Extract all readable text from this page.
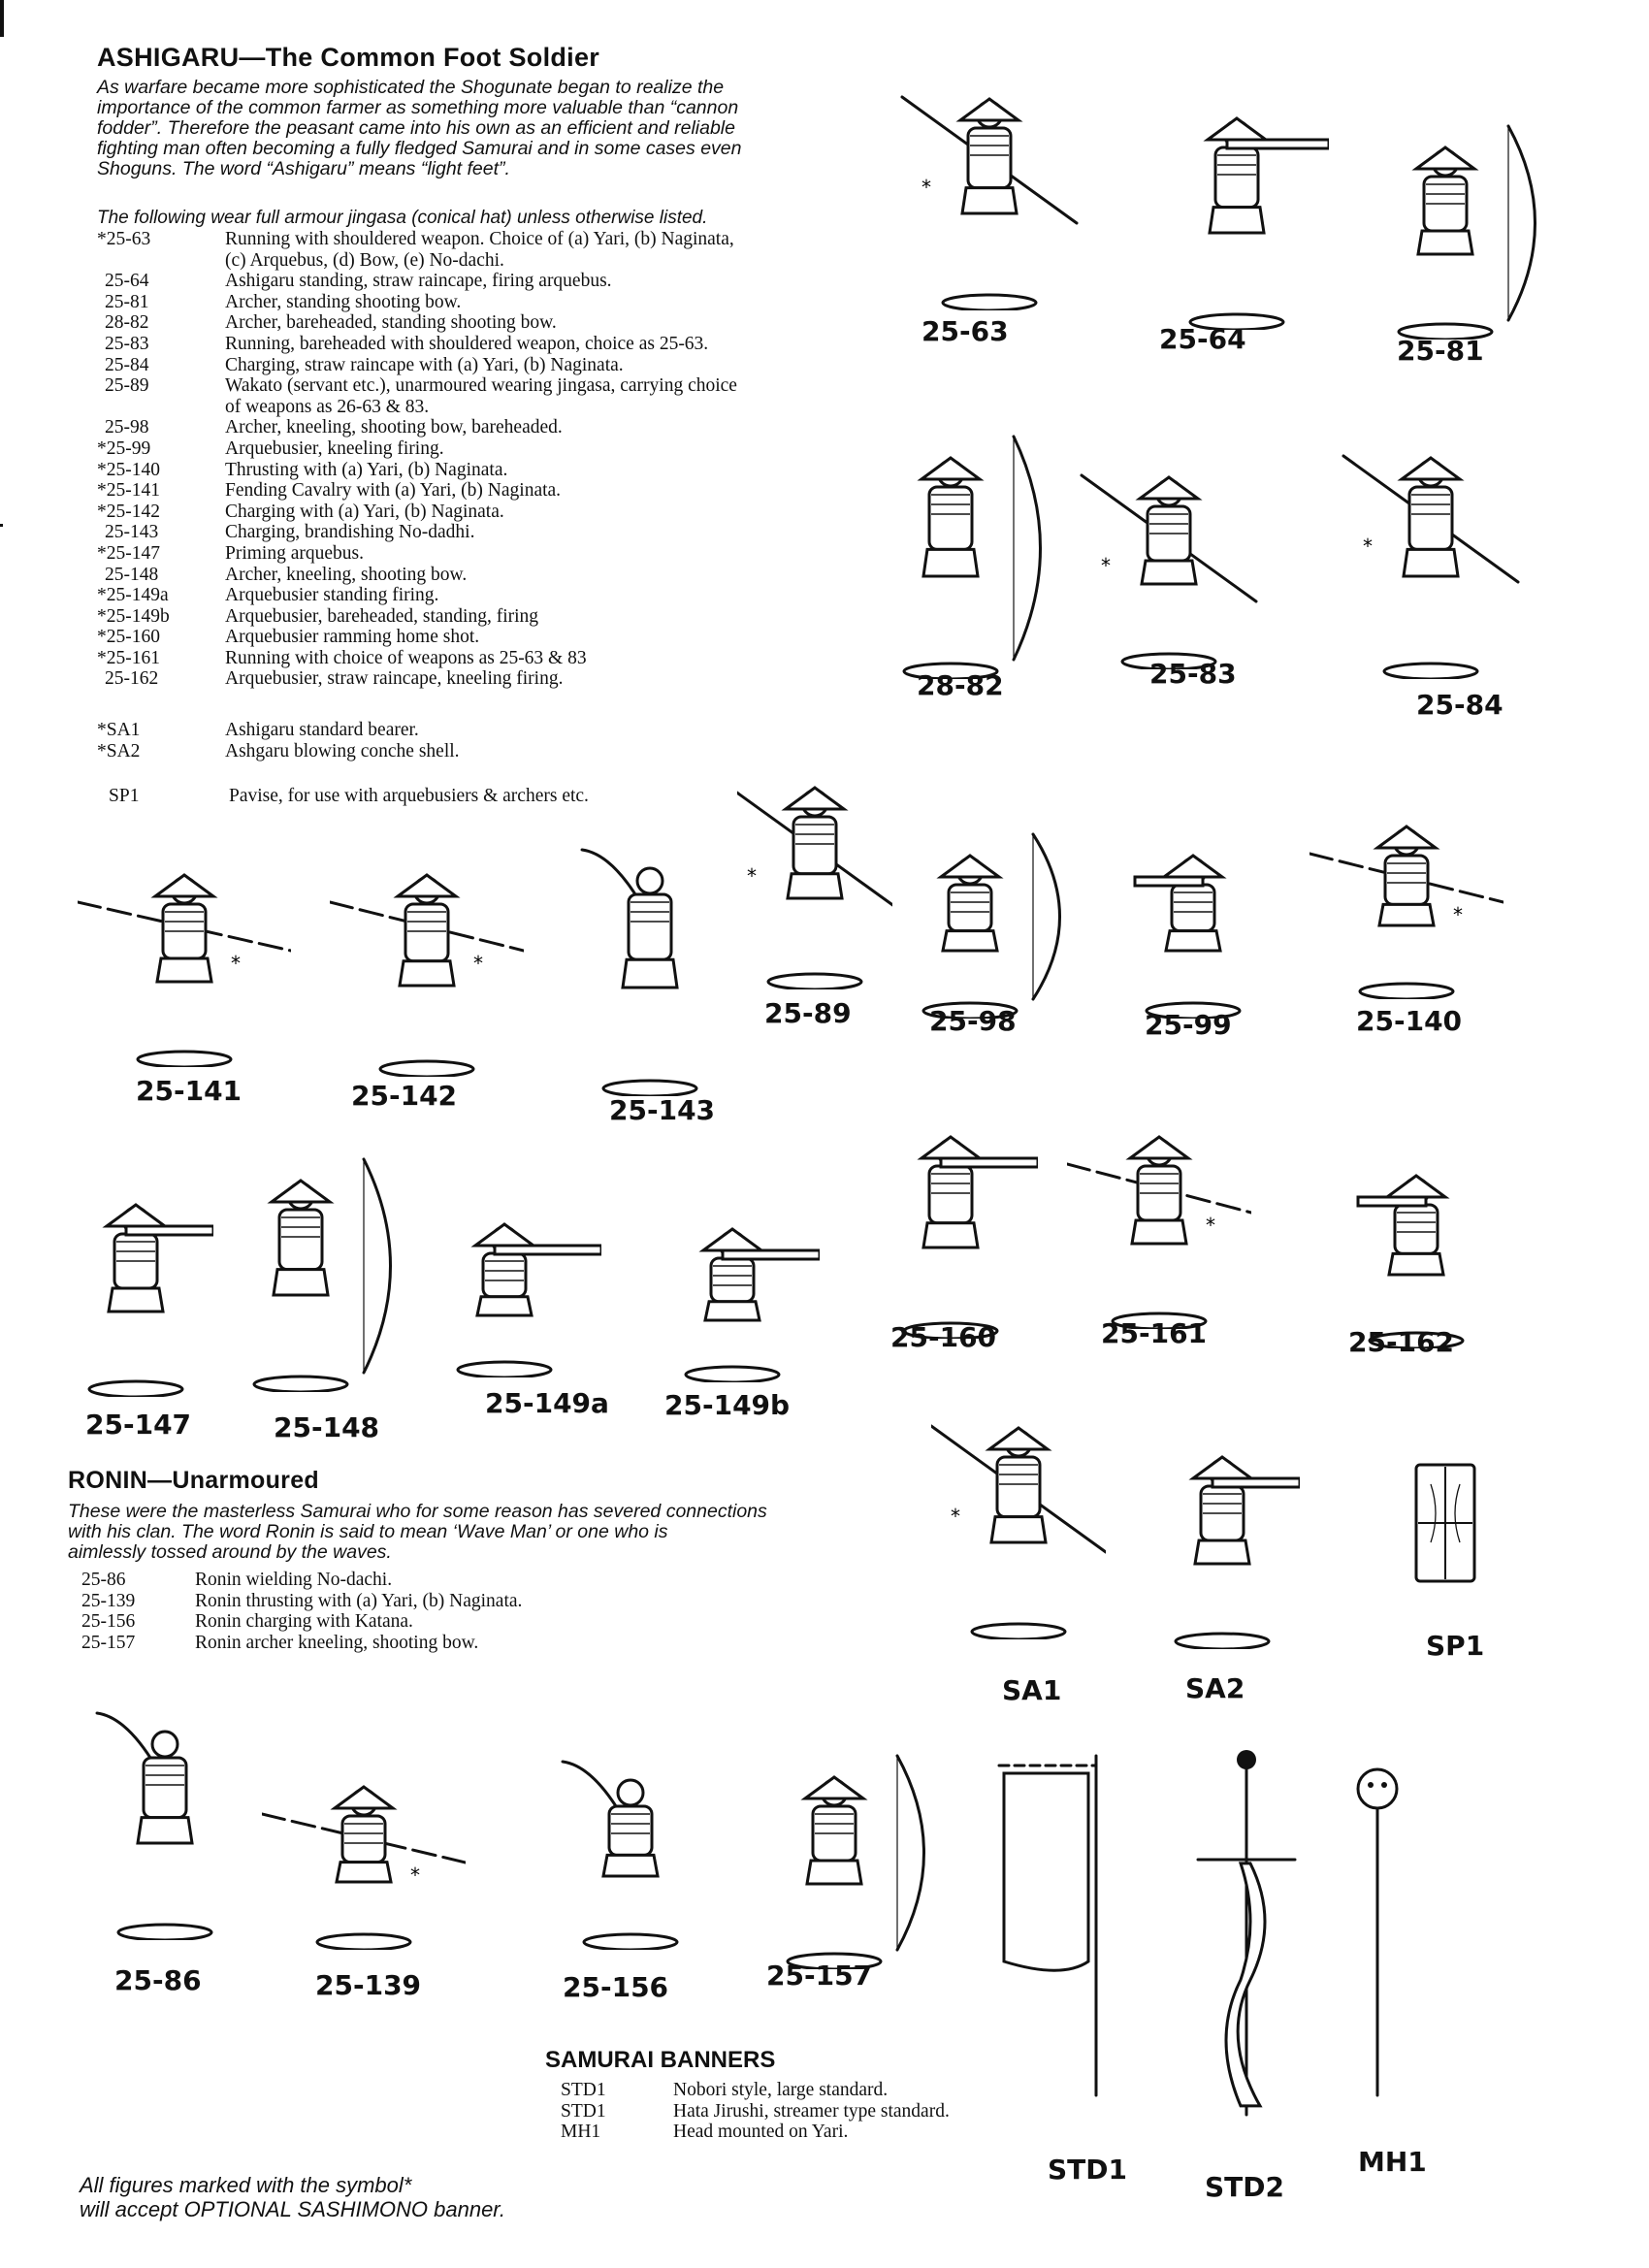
ASHIGARU—The Common Foot Soldier
As warfare became more sophisticated the Shogunate began to realize the
importance of the common farmer as something more valuable than “cannon
fodder”. Therefore the peasant came into his own as an efficient and reliable
fighting man often becoming a fully fledged Samurai and in some cases even
Shoguns. The word “Ashigaru” means “light feet”.
The following wear full armour jingasa (conical hat) unless otherwise listed.
*25-63	Running with shouldered weapon. Choice of (a) Yari, (b) Naginata,
(c) Arquebus, (d) Bow, (e) No-dachi.
25-64	Ashigaru standing, straw raincape, firing arquebus.
25-81	Archer, standing shooting bow.
28-82	Archer, bareheaded, standing shooting bow.
25-83	Running, bareheaded with shouldered weapon, choice as 25-63.
25-84	Charging, straw raincape with (a) Yari, (b) Naginata.
25-89	Wakato (servant etc.), unarmoured wearing jingasa, carrying choice
of weapons as 26-63 & 83.
25-98	Archer, kneeling, shooting bow, bareheaded.
*25-99	Arquebusier, kneeling firing.
*25-140	Thrusting with (a) Yari, (b) Naginata.
*25-141	Fending Cavalry with (a) Yari, (b) Naginata.
*25-142	Charging with (a) Yari, (b) Naginata.
25-143	Charging, brandishing No-dadhi.
*25-147	Priming arquebus.
25-148	Archer, kneeling, shooting bow.
*25-149a	Arquebusier standing firing.
*25-149b	Arquebusier, bareheaded, standing, firing
*25-160	Arquebusier ramming home shot.
*25-161	Running with choice of weapons as 25-63 & 83
25-162	Arquebusier, straw raincape, kneeling firing.
*SA1	Ashigaru standard bearer.
*SA2	Ashgaru blowing conche shell.
SP1	Pavise, for use with arquebusiers & archers etc.
RONIN—Unarmoured
These were the masterless Samurai who for some reason has severed connections
with his clan. The word Ronin is said to mean ‘Wave Man’ or one who is
aimlessly tossed around by the waves.
25-86	Ronin wielding No-dachi.
25-139	Ronin thrusting with (a) Yari, (b) Naginata.
25-156	Ronin charging with Katana.
25-157	Ronin archer kneeling, shooting bow.
SAMURAI BANNERS
STD1	Nobori style, large standard.
STD1	Hata Jirushi, streamer type standard.
MH1	Head mounted on Yari.
All figures marked with the symbol*
will accept OPTIONAL SASHIMONO banner.
*
25-63	25-64	25-81
28-82
*
25-83
*
25-84
*
25-141
*
25-142	25-143
*
25-89	25-98	25-99
*
25-140
25-147	25-148
25-149a 25-149b
25-160
*
25-161	25-162
*
SA1	SA2
SP1
25-86
*
25-139	25-156	25-157
STD1
STD2
MH1
